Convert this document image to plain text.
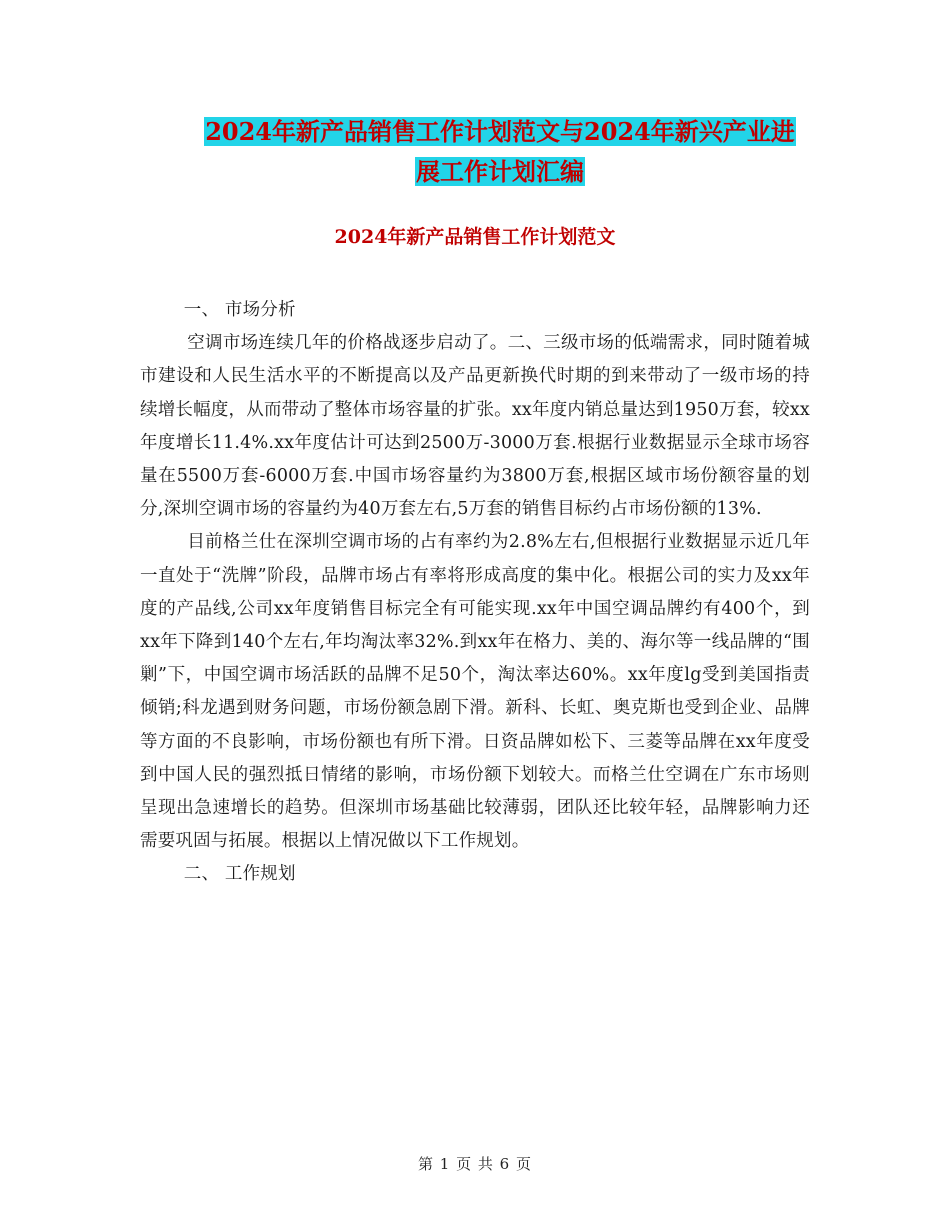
2024年新产品销售工作计划范文与2024年新兴产业进
展工作计划汇编
2024年新产品销售工作计划范文

一、 市场分析

空调市场连续几年的价格战逐步启动了。二、三级市场的低端需求，同时随着城市建设和人民生活水平的不断提高以及产品更新换代时期的到来带动了一级市场的持续增长幅度，从而带动了整体市场容量的扩张。xx年度内销总量达到1950万套，较xx年度增长11.4%.xx年度估计可达到2500万-3000万套.根据行业数据显示全球市场容量在5500万套-6000万套.中国市场容量约为3800万套,根据区域市场份额容量的划分,深圳空调市场的容量约为40万套左右,5万套的销售目标约占市场份额的13%.

目前格兰仕在深圳空调市场的占有率约为2.8%左右,但根据行业数据显示近几年一直处于“洗牌”阶段，品牌市场占有率将形成高度的集中化。根据公司的实力及xx年度的产品线,公司xx年度销售目标完全有可能实现.xx年中国空调品牌约有400个，到xx年下降到140个左右,年均淘汰率32%.到xx年在格力、美的、海尔等一线品牌的“围剿”下，中国空调市场活跃的品牌不足50个，淘汰率达60%。xx年度lg受到美国指责倾销;科龙遇到财务问题，市场份额急剧下滑。新科、长虹、奥克斯也受到企业、品牌等方面的不良影响，市场份额也有所下滑。日资品牌如松下、三菱等品牌在xx年度受到中国人民的强烈抵日情绪的影响，市场份额下划较大。而格兰仕空调在广东市场则呈现出急速增长的趋势。但深圳市场基础比较薄弱，团队还比较年轻，品牌影响力还需要巩固与拓展。根据以上情况做以下工作规划。

二、 工作规划

第 1 页 共 6 页
